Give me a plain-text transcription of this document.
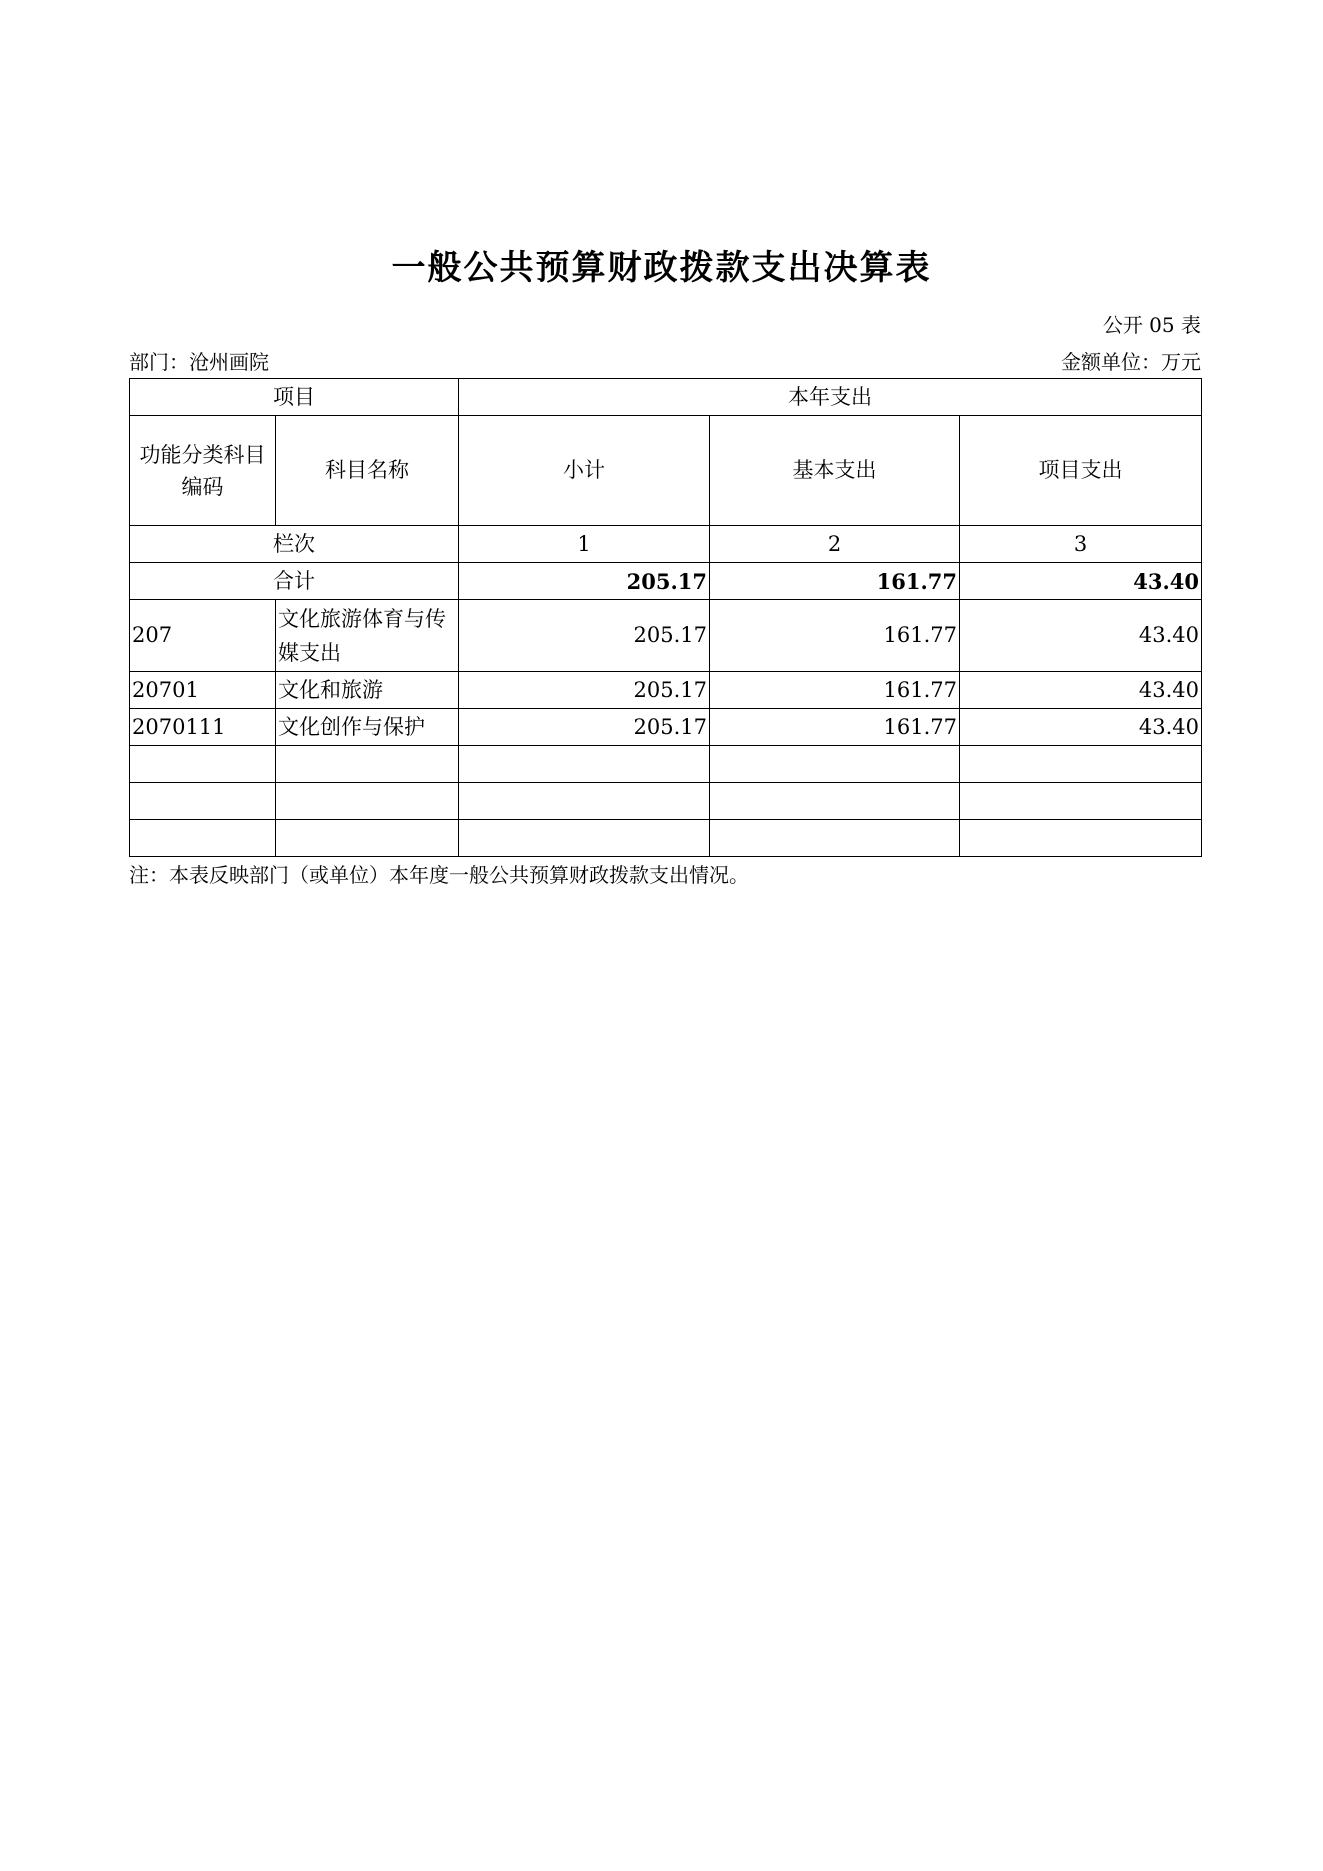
一般公共预算财政拨款支出决算表
公开 05 表
部门：沧州画院	金额单位：万元
项目		本年支出		
功能分类科目编码	科目名称	小计	基本支出	项目支出
栏次		1	2	3
合计		205.17	161.77	43.40
207	文化旅游体育与传媒支出	205.17	161.77	43.40
20701	文化和旅游	205.17	161.77	43.40
2070111	文化创作与保护	205.17	161.77	43.40

注：本表反映部门（或单位）本年度一般公共预算财政拨款支出情况。
